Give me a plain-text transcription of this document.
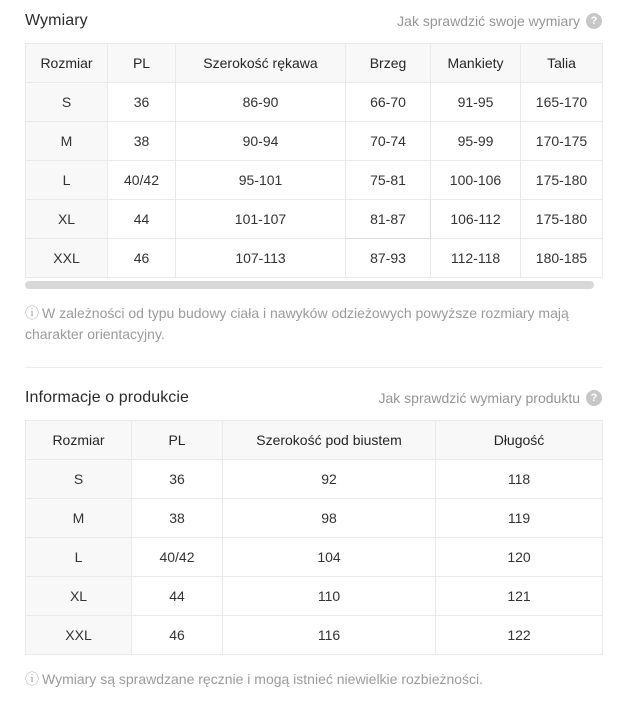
Wymiary	Jak sprawdzić swoje wymiary ?
Rozmiar	PL	Szerokość rękawa	Brzeg	Mankiety	Talia
S	36	86-90	66-70	91-95	165-170
M	38	90-94	70-74	95-99	170-175
L	40/42	95-101	75-81	100-106	175-180
XL	44	101-107	81-87	106-112	175-180
XXL	46	107-113	87-93	112-118	180-185
ⓘ W zależności od typu budowy ciała i nawyków odzieżowych powyższe rozmiary mają charakter orientacyjny.
Informacje o produkcie	Jak sprawdzić wymiary produktu ?
Rozmiar	PL	Szerokość pod biustem	Długość
S	36	92	118
M	38	98	119
L	40/42	104	120
XL	44	110	121
XXL	46	116	122
ⓘ Wymiary są sprawdzane ręcznie i mogą istnieć niewielkie rozbieżności.
